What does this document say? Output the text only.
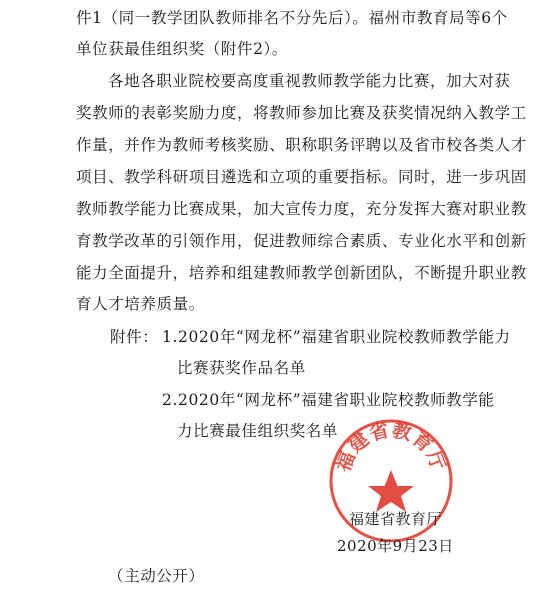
件1（同一教学团队教师排名不分先后）。福州市教育局等6个
单位获最佳组织奖（附件2）。
各地各职业院校要高度重视教师教学能力比赛，加大对获
奖教师的表彰奖励力度，将教师参加比赛及获奖情况纳入教学工
作量，并作为教师考核奖励、职称职务评聘以及省市校各类人才
项目、教学科研项目遴选和立项的重要指标。同时，进一步巩固
教师教学能力比赛成果，加大宣传力度，充分发挥大赛对职业教
育教学改革的引领作用，促进教师综合素质、专业化水平和创新
能力全面提升，培养和组建教师教学创新团队，不断提升职业教
育人才培养质量。
附件： 1.2020年“网龙杯”福建省职业院校教师教学能力
比赛获奖作品名单
2.2020年“网龙杯”福建省职业院校教师教学能
力比赛最佳组织奖名单
福建省教育厅
福建省教育厅
2020年9月23日
（主动公开）
